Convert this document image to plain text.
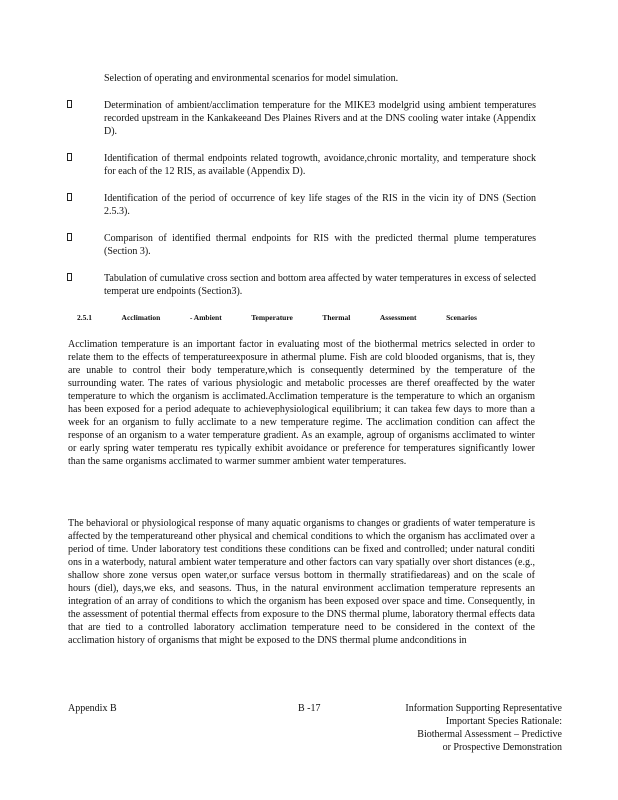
Selection of operating and environmental scenarios for model simulation.
Determination of ambient/acclimation temperature for the MIKE3 modelgrid using ambient temperatures recorded upstream in the Kankakeeand Des Plaines Rivers and at the DNS cooling water intake (Appendix D).
Identification of thermal endpoints related togrowth, avoidance,chronic mortality, and temperature shock for each of the 12 RIS, as available (Appendix D).
Identification of the period of occurrence of key life stages of the RIS in the vicin ity of DNS (Section 2.5.3).
Comparison of identified thermal endpoints for RIS with the predicted thermal plume temperatures (Section 3).
Tabulation of cumulative cross section and bottom area affected by water temperatures in excess of selected temperat ure endpoints (Section3).
2.5.1	Acclimation	- Ambient	Temperature	Thermal	Assessment	Scenarios
Acclimation temperature is an important factor in evaluating most of the biothermal metrics selected in order to relate them to the effects of temperatureexposure in athermal plume. Fish are cold blooded organisms, that is, they are unable to control their body temperature,which is consequently determined by the temperature of the surrounding water. The rates of various physiologic and metabolic processes are theref oreaffected by the water temperature to which the organism is acclimated.Acclimation temperature is the temperature to which an organism has been exposed for a period adequate to achievephysiological equilibrium; it can takea few days to more than a week for an organism to fully acclimate to a new temperature regime. The acclimation condition can affect the response of an organism to a water temperature gradient. As an example, agroup of organisms acclimated to winter or early spring water temperatu res typically exhibit avoidance or preference for temperatures significantly lower than the same organisms acclimated to warmer summer ambient water temperatures.
The behavioral or physiological response of many aquatic organisms to changes or gradients of water temperature is affected by the temperatureand other physical and chemical conditions to which the organism has acclimated over a period of time. Under laboratory test conditions these conditions can be fixed and controlled; under natural conditi ons in a waterbody, natural ambient water temperature and other factors can vary spatially over short distances (e.g., shallow shore zone versus open water,or surface versus bottom in thermally stratifiedareas) and on the scale of hours (diel), days,we eks, and seasons. Thus, in the natural environment acclimation temperature represents an integration of an array of conditions to which the organism has been exposed over space and time. Consequently, in the assessment of potential thermal effects from exposure to the DNS thermal plume, laboratory thermal effects data that are tied to a controlled laboratory acclimation temperature need to be considered in the context of the acclimation history of organisms that might be exposed to the DNS thermal plume andconditions in
Appendix B	B -17	Information Supporting Representative
Important Species Rationale:
Biothermal Assessment – Predictive
or Prospective Demonstration
